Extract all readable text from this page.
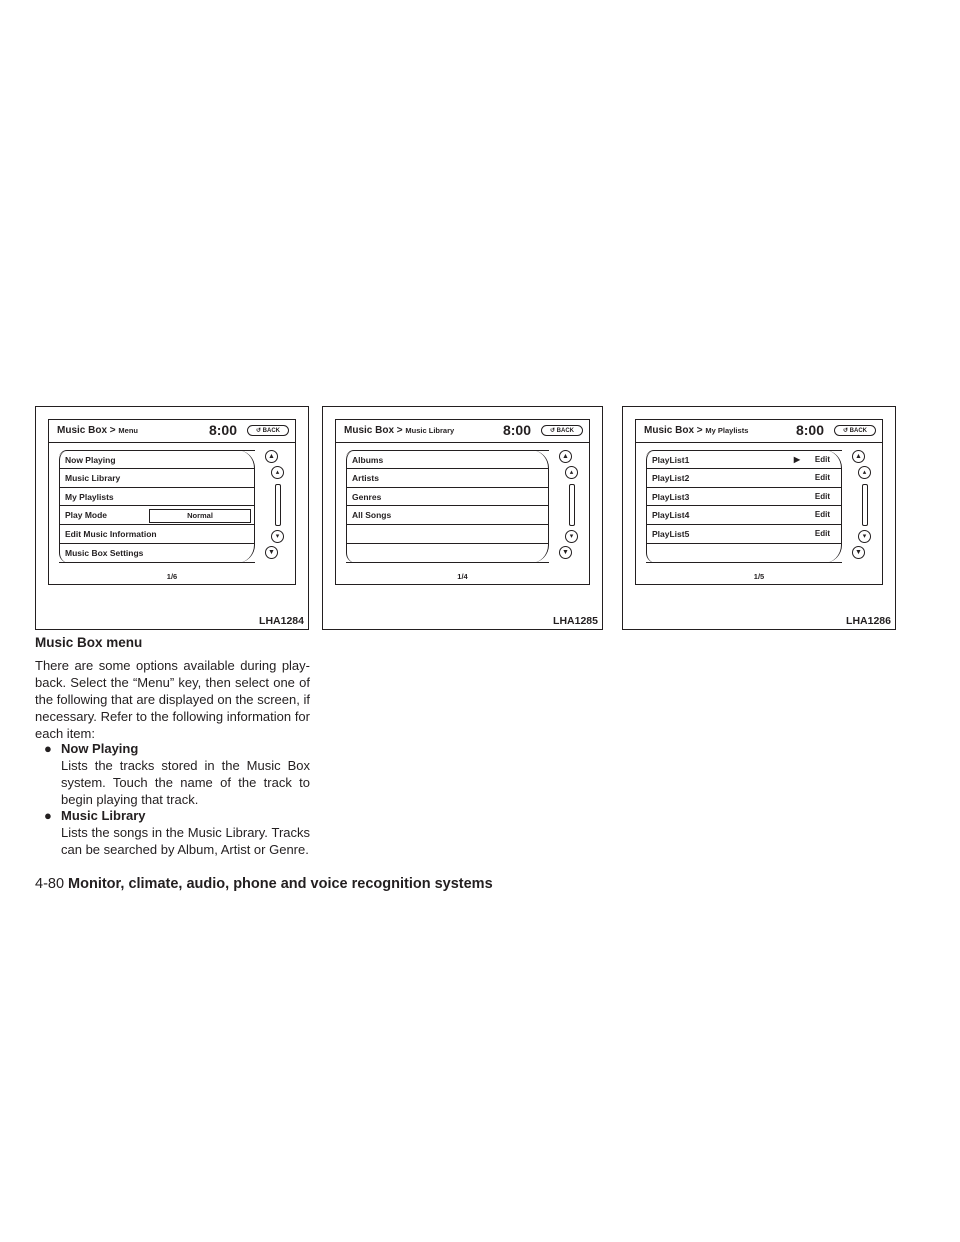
Music Box > Menu	8:00	↺ BACK
Now Playing
Music Library
My Playlists
Play Mode	Normal
Edit Music Information
Music Box Settings
▲
▴
▾
▼
1/6
LHA1284
Music Box > Music Library	8:00	↺ BACK
Albums
Artists
Genres
All Songs
▲
▴
▾
▼
1/4
LHA1285
Music Box > My Playlists	8:00	↺ BACK
PlayList1	▶ Edit
PlayList2	Edit
PlayList3	Edit
PlayList4	Edit
PlayList5	Edit
▲
▴
▾
▼
1/5
LHA1286
Music Box menu
There are some options available during play-back. Select the “Menu” key, then select one of the following that are displayed on the screen, if necessary. Refer to the following information for each item:
● Now Playing
Lists the tracks stored in the Music Box system. Touch the name of the track to begin playing that track.
● Music Library
Lists the songs in the Music Library. Tracks can be searched by Album, Artist or Genre.
4-80 Monitor, climate, audio, phone and voice recognition systems
